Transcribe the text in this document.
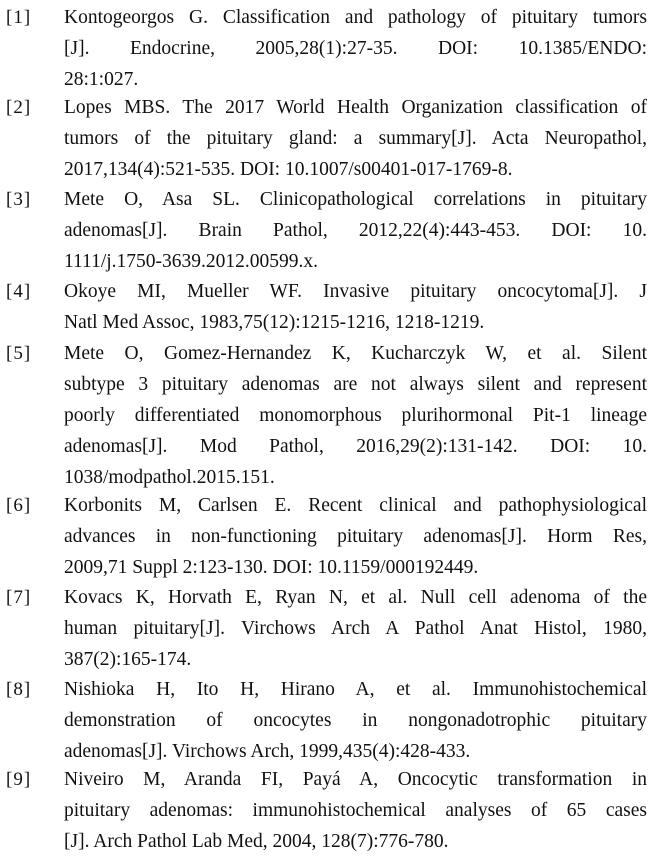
[1] Kontogeorgos G. Classification and pathology of pituitary tumors
[J]. Endocrine, 2005,28(1):27-35. DOI: 10.1385/ENDO:
28:1:027.
[2] Lopes MBS. The 2017 World Health Organization classification of
tumors of the pituitary gland: a summary[J]. Acta Neuropathol,
2017,134(4):521-535. DOI: 10.1007/s00401-017-1769-8.
[3] Mete O, Asa SL. Clinicopathological correlations in pituitary
adenomas[J]. Brain Pathol, 2012,22(4):443-453. DOI: 10.
1111/j.1750-3639.2012.00599.x.
[4] Okoye MI, Mueller WF. Invasive pituitary oncocytoma[J]. J
Natl Med Assoc, 1983,75(12):1215-1216, 1218-1219.
[5] Mete O, Gomez-Hernandez K, Kucharczyk W, et al. Silent
subtype 3 pituitary adenomas are not always silent and represent
poorly differentiated monomorphous plurihormonal Pit-1 lineage
adenomas[J]. Mod Pathol, 2016,29(2):131-142. DOI: 10.
1038/modpathol.2015.151.
[6] Korbonits M, Carlsen E. Recent clinical and pathophysiological
advances in non-functioning pituitary adenomas[J]. Horm Res,
2009,71 Suppl 2:123-130. DOI: 10.1159/000192449.
[7] Kovacs K, Horvath E, Ryan N, et al. Null cell adenoma of the
human pituitary[J]. Virchows Arch A Pathol Anat Histol, 1980,
387(2):165-174.
[8] Nishioka H, Ito H, Hirano A, et al. Immunohistochemical
demonstration of oncocytes in nongonadotrophic pituitary
adenomas[J]. Virchows Arch, 1999,435(4):428-433.
[9] Niveiro M, Aranda FI, Payá A, Oncocytic transformation in
pituitary adenomas: immunohistochemical analyses of 65 cases
[J]. Arch Pathol Lab Med, 2004, 128(7):776-780.
